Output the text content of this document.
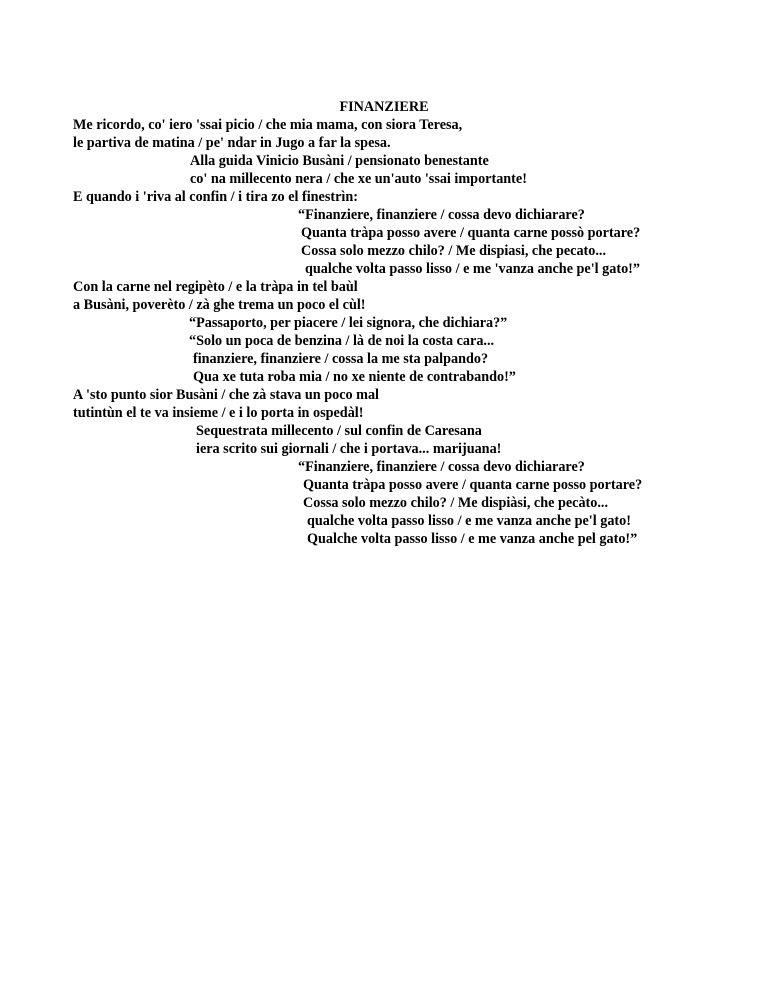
FINANZIERE
Me ricordo, co' iero 'ssai picio / che mia mama, con siora Teresa,
le partiva de matina / pe' ndar in Jugo a far la spesa.
Alla guida Vinicio Busàni / pensionato benestante
co' na millecento nera / che xe un'auto 'ssai importante!
E quando i 'riva al confin / i tira zo el finestrìn:
“Finanziere, finanziere / cossa devo dichiarare?
Quanta tràpa posso avere / quanta carne possò portare?
Cossa solo mezzo chilo? / Me dispiasi, che pecato...
qualche volta passo lisso / e me 'vanza anche pe'l gato!”
Con la carne nel regipèto / e la tràpa in tel baùl
a Busàni, poverèto / zà ghe trema un poco el cùl!
“Passaporto, per piacere / lei signora, che dichiara?”
“Solo un poca de benzina / là de noi la costa cara...
finanziere, finanziere / cossa la me sta palpando?
Qua xe tuta roba mia / no xe niente de contrabando!”
A 'sto punto sior Busàni / che zà stava un poco mal
tutintùn el te va insieme / e i lo porta in ospedàl!
Sequestrata millecento / sul confin de Caresana
iera scrito sui giornali / che i portava... marijuana!
“Finanziere, finanziere / cossa devo dichiarare?
Quanta tràpa posso avere / quanta carne posso portare?
Cossa solo mezzo chilo? / Me dispiàsi, che pecàto...
qualche volta passo lisso / e me vanza anche pe'l gato!
Qualche volta passo lisso / e me vanza anche pel gato!”
